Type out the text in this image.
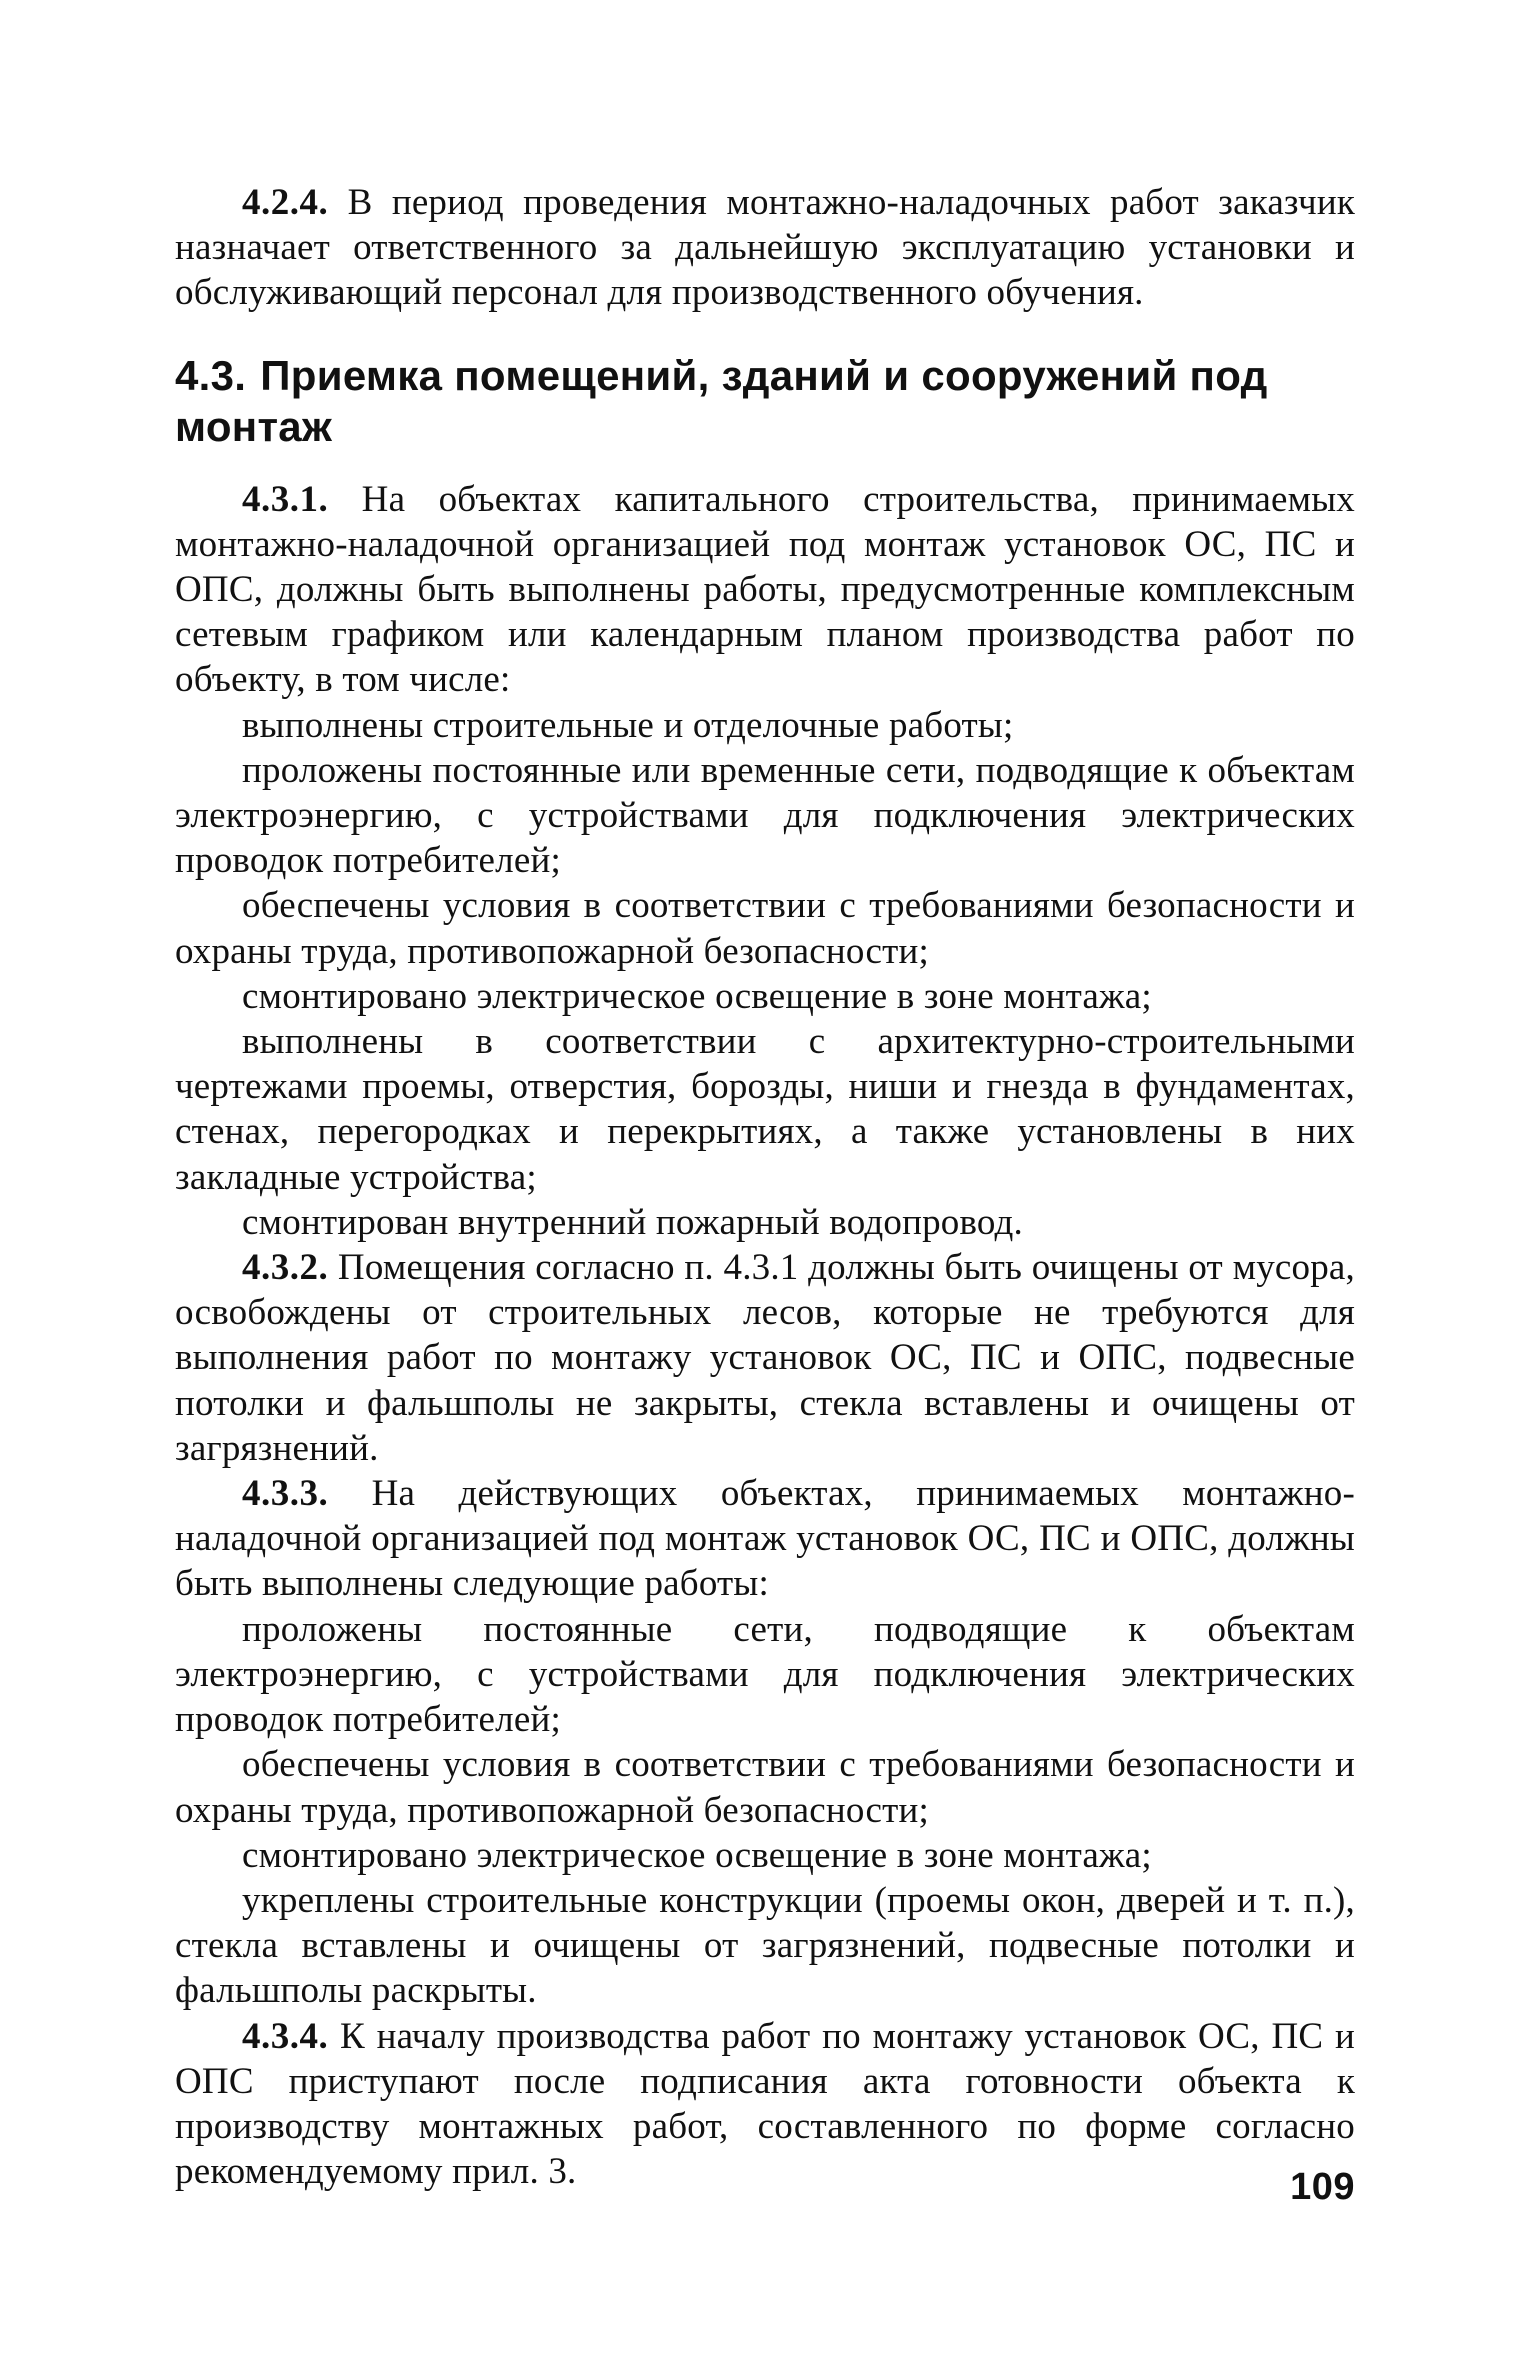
4.2.4. В период проведения монтажно-наладочных работ заказчик назначает ответственного за дальнейшую эксплуатацию установки и обслуживающий персонал для производственного обучения.

4.3. Приемка помещений, зданий и сооружений под монтаж

4.3.1. На объектах капитального строительства, принимаемых монтажно-наладочной организацией под монтаж установок ОС, ПС и ОПС, должны быть выполнены работы, предусмотренные комплексным сетевым графиком или календарным планом производства работ по объекту, в том числе:

выполнены строительные и отделочные работы;

проложены постоянные или временные сети, подводящие к объектам электроэнергию, с устройствами для подключения электрических проводок потребителей;

обеспечены условия в соответствии с требованиями безопасности и охраны труда, противопожарной безопасности;

смонтировано электрическое освещение в зоне монтажа;

выполнены в соответствии с архитектурно-строительными чертежами проемы, отверстия, борозды, ниши и гнезда в фундаментах, стенах, перегородках и перекрытиях, а также установлены в них закладные устройства;

смонтирован внутренний пожарный водопровод.

4.3.2. Помещения согласно п. 4.3.1 должны быть очищены от мусора, освобождены от строительных лесов, которые не требуются для выполнения работ по монтажу установок ОС, ПС и ОПС, подвесные потолки и фальшполы не закрыты, стекла вставлены и очищены от загрязнений.

4.3.3. На действующих объектах, принимаемых монтажно-наладочной организацией под монтаж установок ОС, ПС и ОПС, должны быть выполнены следующие работы:

проложены постоянные сети, подводящие к объектам электроэнергию, с устройствами для подключения электрических проводок потребителей;

обеспечены условия в соответствии с требованиями безопасности и охраны труда, противопожарной безопасности;

смонтировано электрическое освещение в зоне монтажа;

укреплены строительные конструкции (проемы окон, дверей и т. п.), стекла вставлены и очищены от загрязнений, подвесные потолки и фальшполы раскрыты.

4.3.4. К началу производства работ по монтажу установок ОС, ПС и ОПС приступают после подписания акта готовности объекта к производству монтажных работ, составленного по форме согласно рекомендуемому прил. 3.	109
